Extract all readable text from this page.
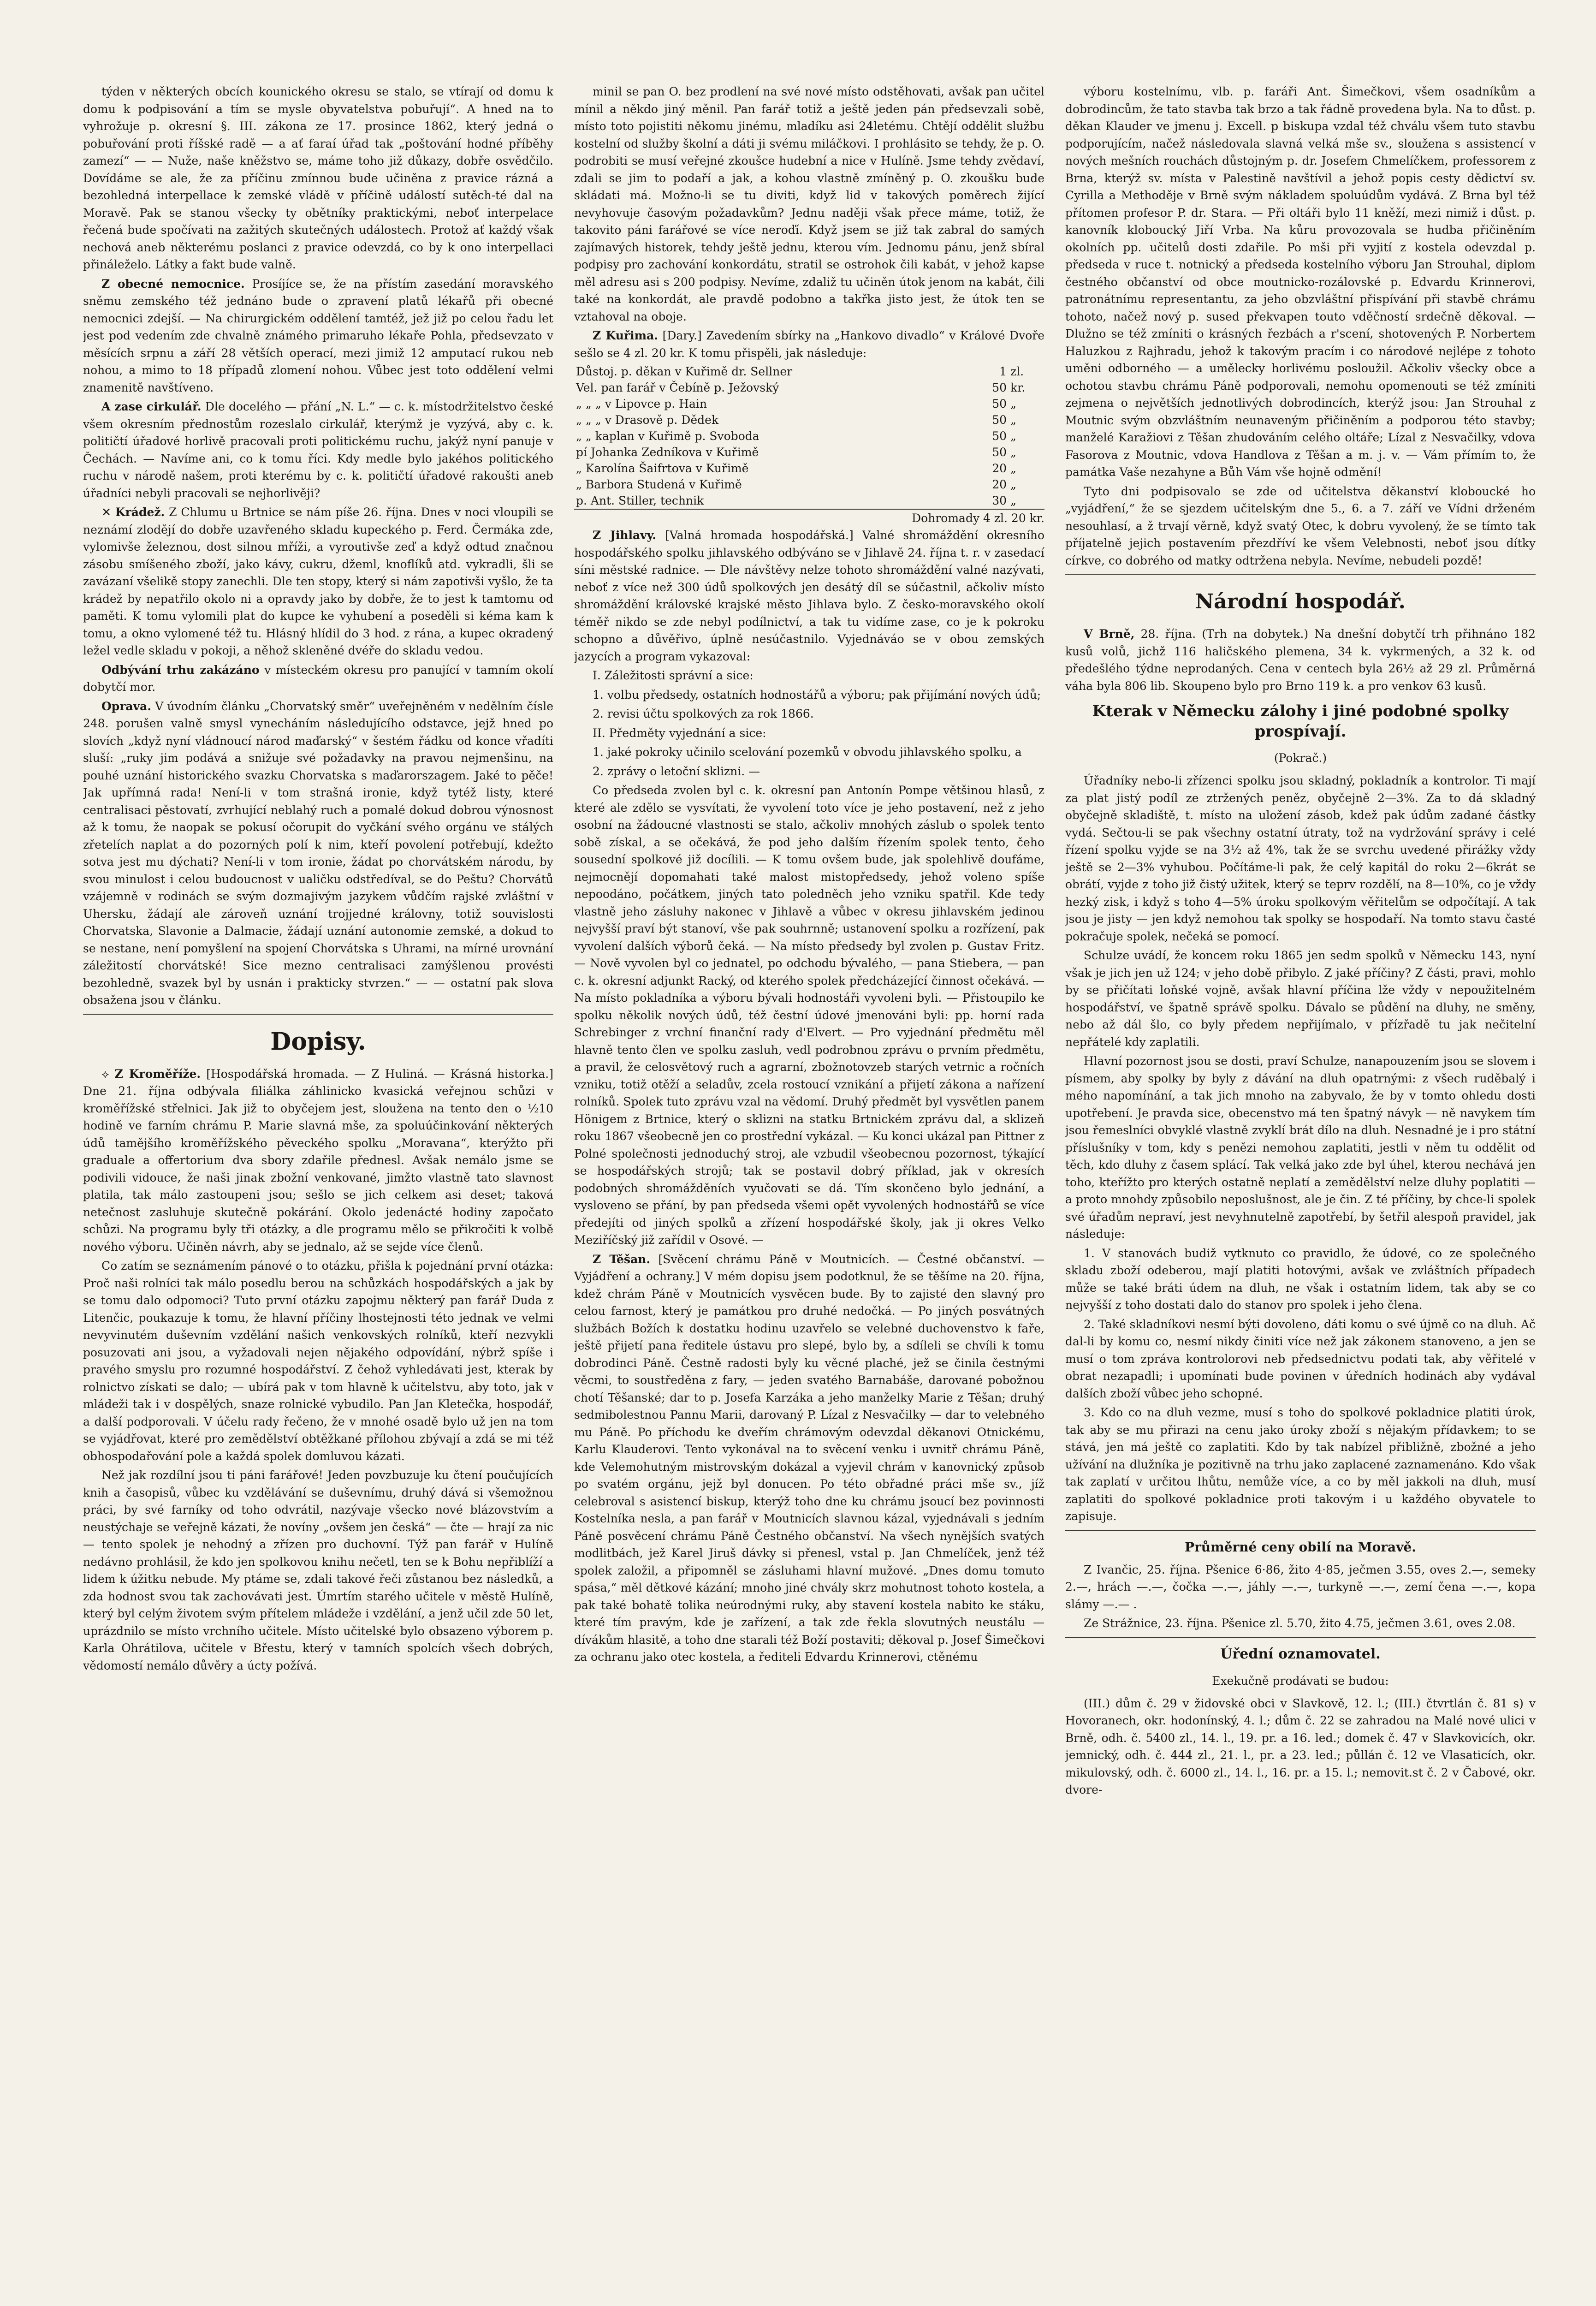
týden v některých obcích kounického okresu se stalo, se vtírají od domu k domu k podpisování a tím se mysle obyvatelstva pobuřují“. A hned na to vyhrožuje p. okresní §. III. zákona ze 17. prosince 1862, který jedná o pobuřování proti říšské radě — a ať faraí úřad tak „poštování hodné příběhy zamezí“ — — Nuže, naše kněžstvo se, máme toho již důkazy, dobře osvědčilo. Dovídáme se ale, že za příčinu zmínnou bude učiněna z pravice rázná a bezohledná interpellace k zemské vládě v příčině událostí sutěch-té dal na Moravě. Pak se stanou všecky ty obětníky praktickými, neboť interpelace řečená bude spočívati na zažitých skutečných událostech. Protož ať každý však nechová aneb některému poslanci z pravice odevzdá, co by k ono interpellaci přináleželo. Látky a fakt bude valně.

Z obecné nemocnice. Prosíjíce se, že na přístím zasedání moravského sněmu zemského též jednáno bude o zpravení platů lékařů při obecné nemocnici zdejší. — Na chirurgickém oddělení tamtéž, jež již po celou řadu let jest pod vedením zde chvalně známého primaruho lékaře Pohla, předsevzato v měsících srpnu a září 28 větších operací, mezi jimiž 12 amputací rukou neb nohou, a mimo to 18 případů zlomení nohou. Vůbec jest toto oddělení velmi znamenitě navštíveno.

A zase cirkulář. Dle docelého — přání „N. L.“ — c. k. místodržitelstvo české všem okresním přednostům rozeslalo cirkulář, kterýmž je vyzývá, aby c. k. političtí úřadové horlivě pracovali proti politickému ruchu, jakýž nyní panuje v Čechách. — Navíme ani, co k tomu říci. Kdy medle bylo jakéhos politického ruchu v národě našem, proti kterému by c. k. političtí úřadové rakoušti aneb úřadníci nebyli pracovali se nejhorlivěji?

✕ Krádež. Z Chlumu u Brtnice se nám píše 26. října. Dnes v noci vloupili se neznámí zlodějí do dobře uzavřeného skladu kupeckého p. Ferd. Čermáka zde, vylomivše železnou, dost silnou mříži, a vyroutivše zeď a když odtud značnou zásobu smíšeného zboží, jako kávy, cukru, džeml, knoflíků atd. vykradli, šli se zavázaní všelikě stopy zanechli. Dle ten stopy, který si nám zapotivši vyšlo, že ta krádež by nepatřilo okolo ni a opravdy jako by dobře, že to jest k tamtomu od paměti. K tomu vylomili plat do kupce ke vyhubení a poseděli si kéma kam k tomu, a okno vylomené též tu. Hlásný hlídil do 3 hod. z rána, a kupec okradený ležel vedle skladu v pokoji, a něhož skleněné dvéře do skladu vedou.

Odbývání trhu zakázáno v místeckém okresu pro panující v tamním okolí dobytčí mor.

Oprava. V úvodním článku „Chorvatský směr“ uveřejněném v nedělním čísle 248. porušen valně smysl vynecháním následujícího odstavce, jejž hned po slovích „když nyní vládnoucí národ maďarský“ v šestém řádku od konce vřadíti sluší: „ruky jim podává a snižuje své požadavky na pravou nejmenšinu, na pouhé uznání historického svazku Chorvatska s maďarorszagem. Jaké to pěče! Jak upřímná rada! Není-li v tom strašná ironie, když tytéž listy, které centralisaci pěstovatí, zvrhující neblahý ruch a pomalé dokud dobrou výnosnost až k tomu, že naopak se pokusí očorupit do vyčkání svého orgánu ve stálých zřetelích naplat a do pozorných polí k nim, kteří povolení potřebují, kdežto sotva jest mu dýchati? Není-li v tom ironie, žádat po chorvátském národu, by svou minulost i celou budoucnost v ualičku odstředíval, se do Peštu? Chorvátů vzájemně v rodinách se svým dozmajivým jazykem vůdčím rajské zvláštní v Uhersku, žádají ale zároveň uznání trojjedné královny, totiž souvislosti Chorvatska, Slavonie a Dalmacie, žádají uznání autonomie zemské, a dokud to se nestane, není pomyšlení na spojení Chorvátska s Uhrami, na mírné urovnání záležitostí chorvátské! Sice mezno centralisaci zamýšlenou provésti bezohledně, svazek byl by usnán i prakticky stvrzen.“ — — ostatní pak slova obsažena jsou v článku.

Dopisy.

⟡ Z Kroměříže. [Hospodářská hromada. — Z Huliná. — Krásná historka.] Dne 21. října odbývala filiálka záhlinicko kvasická veřejnou schůzi v kroměřížské střelnici. Jak již to obyčejem jest, sloužena na tento den o ½10 hodině ve farním chrámu P. Marie slavná mše, za spoluúčinkování některých údů tamějšího kroměřížského pěveckého spolku „Moravana“, kterýžto při graduale a offertorium dva sbory zdařile přednesl. Avšak nemálo jsme se podivili vidouce, že naši jinak zbožní venkované, jimžto vlastně tato slavnost platila, tak málo zastoupeni jsou; sešlo se jich celkem asi deset; taková netečnost zasluhuje skutečně pokárání. Okolo jedenácté hodiny započato schůzi. Na programu byly tři otázky, a dle programu mělo se přikročiti k volbě nového výboru. Učiněn návrh, aby se jednalo, až se sejde více členů.

Co zatím se seznámením pánové o to otázku, přišla k pojednání první otázka: Proč naši rolníci tak málo posedlu berou na schůzkách hospodářských a jak by se tomu dalo odpomoci? Tuto první otázku zapojmu některý pan farář Duda z Litenčic, poukazuje k tomu, že hlavní příčiny lhostejnosti této jednak ve velmi nevyvinutém duševním vzdělání našich venkovských rolníků, kteří nezvykli posuzovati ani jsou, a vyžadovali nejen nějakého odpovídání, nýbrž spíše i pravého smyslu pro rozumné hospodářství. Z čehož vyhledávati jest, kterak by rolnictvo získati se dalo; — ubírá pak v tom hlavně k učitelstvu, aby toto, jak v mládeži tak i v dospělých, snaze rolnické vybudilo. Pan Jan Kletečka, hospodář, a další podporovali. V účelu rady řečeno, že v mnohé osadě bylo už jen na tom se vyjádřovat, které pro zemědělství obtěžkané přílohou zbývají a zdá se mi též obhospodařování pole a každá spolek domluvou kázati.

Než jak rozdílní jsou ti páni farářové! Jeden povzbuzuje ku čtení poučujících knih a časopisů, vůbec ku vzdělávání se duševnímu, druhý dává si všemožnou práci, by své farníky od toho odvrátil, nazývaje všecko nové blázovstvím a neustýchaje se veřejně kázati, že novíny „ovšem jen česká“ — čte — hrají za nic — tento spolek je nehodný a zřízen pro duchovní. Týž pan farář v Hulíně nedávno prohlásil, že kdo jen spolkovou knihu nečetl, ten se k Bohu nepřiblíží a lidem k úžitku nebude. My ptáme se, zdali takové řeči zůstanou bez následků, a zda hodnost svou tak zachovávati jest. Úmrtím starého učitele v městě Hulíně, který byl celým životem svým přítelem mládeže i vzdělání, a jenž učil zde 50 let, uprázdnilo se místo vrchního učitele. Místo učitelské bylo obsazeno výborem p. Karla Ohrátilova, učitele v Břestu, který v tamních spolcích všech dobrých, vědomostí nemálo důvěry a úcty požívá.

minil se pan O. bez prodlení na své nové místo odstěhovati, avšak pan učitel mínil a někdo jiný měnil. Pan farář totiž a ještě jeden pán předsevzali sobě, místo toto pojistiti někomu jinému, mladíku asi 24letému. Chtějí oddělit službu kostelní od služby školní a dáti ji svému miláčkovi. I prohlásito se tehdy, že p. O. podrobiti se musí veřejné zkoušce hudební a nice v Hulíně. Jsme tehdy zvědaví, zdali se jim to podaří a jak, a kohou vlastně zmíněný p. O. zkoušku bude skládati má. Možno-li se tu diviti, když lid v takových poměrech žijící nevyhovuje časovým požadavkům? Jednu naději však přece máme, totiž, že takovito páni farářové se více neroďí. Když jsem se již tak zabral do samých zajímavých historek, tehdy ještě jednu, kterou vím. Jednomu pánu, jenž sbíral podpisy pro zachování konkordátu, stratil se ostrohok čili kabát, v jehož kapse měl adresu asi s 200 podpisy. Nevíme, zdaliž tu učiněn útok jenom na kabát, čili také na konkordát, ale pravdě podobno a takřka jisto jest, že útok ten se vztahoval na oboje.

Z Kuřima. [Dary.] Zavedením sbírky na „Hankovo divadlo“ v Králové Dvoře sešlo se 4 zl. 20 kr. K tomu přispěli, jak následuje:

Důstoj. p. děkan v Kuřimě dr. Sellner	1	zl.
Vel. pan farář v Čebíně p. Ježovský	50	kr.
„ „ „ v Lipovce p. Hain	50	„
„ „ „ v Drasově p. Dědek	50	„
„ „ kaplan v Kuřimě p. Svoboda	50	„
pí Johanka Zedníkova v Kuřimě	50	„
„ Karolína Šaifrtova v Kuřimě	20	„
„ Barbora Studená v Kuřimě	20	„
p. Ant. Stiller, technik	30	„
Dohromady 4 zl. 20 kr.

Z Jihlavy. [Valná hromada hospodářská.] Valné shromáždění okresního hospodářského spolku jihlavského odbýváno se v Jihlavě 24. října t. r. v zasedací síni městské radnice. — Dle návštěvy nelze tohoto shromáždění valné nazývati, neboť z více než 300 údů spolkových jen desátý díl se súčastnil, ačkoliv místo shromáždění královské krajské město Jihlava bylo. Z česko-moravského okolí téměř nikdo se zde nebyl podílnictví, a tak tu vidíme zase, co je k pokroku schopno a důvěřivo, úplně nesúčastnilo. Vyjednáváo se v obou zemských jazycích a program vykazoval:

I. Záležitosti správní a sice:

1. volbu předsedy, ostatních hodnostářů a výboru; pak přijímání nových údů;

2. revisi účtu spolkových za rok 1866.

II. Předměty vyjednání a sice:

1. jaké pokroky učinilo scelování pozemků v obvodu jihlavského spolku, a

2. zprávy o letoční sklizni. —

Co předseda zvolen byl c. k. okresní pan Antonín Pompe většinou hlasů, z které ale zdělo se vysvítati, že vyvolení toto více je jeho postavení, než z jeho osobní na žádoucné vlastnosti se stalo, ačkoliv mnohých záslub o spolek tento sobě získal, a se očekává, že pod jeho dalším řízením spolek tento, čeho sousední spolkové již docílili. — K tomu ovšem bude, jak spolehlivě doufáme, nejmocnějí dopomahati také malost mistopředsedy, jehož voleno spíše nepoodáno, počátkem, jiných tato poledněch jeho vzniku spatřil. Kde tedy vlastně jeho zásluhy nakonec v Jihlavě a vůbec v okresu jihlavském jedinou nejvyšší praví být stanoví, vše pak souhrnně; ustanovení spolku a rozřízení, pak vyvolení dalších výborů čeká. — Na místo předsedy byl zvolen p. Gustav Fritz. — Nově vyvolen byl co jednatel, po odchodu bývalého, — pana Stiebera, — pan c. k. okresní adjunkt Racký, od kterého spolek předcházející činnost očekává. — Na místo pokladníka a výboru bývali hodnostáři vyvoleni byli. — Přistoupilo ke spolku několik nových údů, též čestní údové jmenováni byli: pp. horní rada Schrebinger z vrchní finanční rady d'Elvert. — Pro vyjednání předmětu měl hlavně tento člen ve spolku zasluh, vedl podrobnou zprávu o prvním předmětu, a pravil, že celosvětový ruch a agrarní, zbožnotovzeb starých vetrnic a ročních vzniku, totiž otěží a seladův, zcela rostoucí vznikání a přijetí zákona a nařízení rolníků. Spolek tuto zprávu vzal na vědomí. Druhý předmět byl vysvětlen panem Hönigem z Brtnice, který o sklizni na statku Brtnickém zprávu dal, a sklizeň roku 1867 všeobecně jen co prostřední vykázal. — Ku konci ukázal pan Pittner z Polné společnosti jednoduchý stroj, ale vzbudil všeobecnou pozornost, týkající se hospodářských strojů; tak se postavil dobrý příklad, jak v okresích podobných shromážděních vyučovati se dá. Tím skončeno bylo jednání, a vysloveno se přání, by pan předseda všemi opět vyvolených hodnostářů se více předejíti od jiných spolků a zřízení hospodářské školy, jak ji okres Velko Meziříčský již zařídil v Osové. —

Z Těšan. [Svěcení chrámu Páně v Moutnicích. — Čestné občanství. — Vyjádření a ochrany.] V mém dopisu jsem podotknul, že se těšíme na 20. října, kdež chrám Páně v Moutnicích vysvěcen bude. By to zajisté den slavný pro celou farnost, který je památkou pro druhé nedočká. — Po jiných posvátných službách Božích k dostatku hodinu uzavřelo se velebné duchovenstvo k faře, ještě přijetí pana ředitele ústavu pro slepé, bylo by, a sdíleli se chvíli k tomu dobrodinci Páně. Čestně radosti byly ku věcné plaché, jež se činila čestnými věcmi, to soustředěna z fary, — jeden svatého Barnabáše, darované pobožnou chotí Těšanské; dar to p. Josefa Karzáka a jeho manželky Marie z Těšan; druhý sedmibolestnou Pannu Marii, darovaný P. Lízal z Nesvačilky — dar to velebného mu Páně. Po příchodu ke dveřím chrámovým odevzdal děkanovi Otnickému, Karlu Klauderovi. Tento vykonával na to svěcení venku i uvnitř chrámu Páně, kde Velemohutným mistrovským dokázal a vyjevil chrám v kanovnický způsob po svatém orgánu, jejž byl donucen. Po této obřadné práci mše sv., jíž celebroval s asistencí biskup, kterýž toho dne ku chrámu jsoucí bez povinnosti Kostelníka nesla, a pan farář v Moutnicích slavnou kázal, vyjednávali s jedním Páně posvěcení chrámu Páně Čestného občanství. Na všech nynějších svatých modlitbách, jež Karel Jiruš dávky si přenesl, vstal p. Jan Chmelíček, jenž též spolek založil, a připomněl se zásluhami hlavní mužové. „Dnes domu tomuto spása,“ měl dětkové kázání; mnoho jiné chvály skrz mohutnost tohoto kostela, a pak také bohatě tolika neúrodnými ruky, aby stavení kostela nabito ke stáku, které tím pravým, kde je zařízení, a tak zde řekla slovutných neustálu — dívákům hlasitě, a toho dne starali též Boží postaviti; děkoval p. Josef Šimečkovi za ochranu jako otec kostela, a řediteli Edvardu Krinnerovi, ctěnému

výboru kostelnímu, vlb. p. faráři Ant. Šimečkovi, všem osadníkům a dobrodincům, že tato stavba tak brzo a tak řádně provedena byla. Na to důst. p. děkan Klauder ve jmenu j. Excell. p biskupa vzdal též chválu všem tuto stavbu podporujícím, načež následovala slavná velká mše sv., sloužena s assistencí v nových mešních rouchách důstojným p. dr. Josefem Chmelíčkem, professorem z Brna, kterýž sv. místa v Palestině navštívil a jehož popis cesty dědictví sv. Cyrilla a Methoděje v Brně svým nákladem spoluúdům vydává. Z Brna byl též přítomen profesor P. dr. Stara. — Při oltáři bylo 11 kněží, mezi nimiž i důst. p. kanovník kloboucký Jiří Vrba. Na kůru provozovala se hudba přičiněním okolních pp. učitelů dosti zdařile. Po mši při vyjití z kostela odevzdal p. předseda v ruce t. notnický a předseda kostelního výboru Jan Strouhal, diplom čestného občanství od obce moutnicko-rozálovské p. Edvardu Krinnerovi, patronátnímu representantu, za jeho obzvláštní přispívání při stavbě chrámu tohoto, načež nový p. sused překvapen touto vděčností srdečně děkoval. — Dlužno se též zmíniti o krásných řezbách a r'scení, shotovených P. Norbertem Haluzkou z Rajhradu, jehož k takovým pracím i co národové nejlépe z tohoto uměni odborného — a umělecky horlivému posloužil. Ačkoliv všecky obce a ochotou stavbu chrámu Páně podporovali, nemohu opomenouti se též zmíniti zejmena o největších jednotlivých dobrodincích, kterýž jsou: Jan Strouhal z Moutnic svým obzvláštním neunaveným přičiněním a podporou této stavby; manželé Karažiovi z Těšan zhudováním celého oltáře; Lízal z Nesvačilky, vdova Fasorova z Moutnic, vdova Handlova z Těšan a m. j. v. — Vám přímím to, že památka Vaše nezahyne a Bůh Vám vše hojně odmění!

Tyto dni podpisovalo se zde od učitelstva děkanství kloboucké ho „vyjádření,“ že se sjezdem učitelským dne 5., 6. a 7. září ve Vídni drženém nesouhlasí, a ž trvají věrně, když svatý Otec, k dobru vyvolený, že se tímto tak příjatelně jejich postavením přezdříví ke všem Velebnosti, neboť jsou dítky církve, co dobrého od matky odtržena nebyla. Nevíme, nebudeli pozdě!

Národní hospodář.

V Brně, 28. října. (Trh na dobytek.) Na dnešní dobytčí trh přihnáno 182 kusů volů, jichž 116 haličského plemena, 34 k. vykrmených, a 32 k. od předešlého týdne neprodaných. Cena v centech byla 26½ až 29 zl. Průměrná váha byla 806 lib. Skoupeno bylo pro Brno 119 k. a pro venkov 63 kusů.

Kterak v Německu zálohy i jiné podobné spolky prospívají.
(Pokrač.)

Úřadníky nebo-li zřízenci spolku jsou skladný, pokladník a kontrolor. Ti mají za plat jistý podíl ze ztržených peněz, obyčejně 2—3%. Za to dá skladný obyčejně skladiště, t. místo na uložení zásob, kdež pak údům zadané částky vydá. Sečtou-li se pak všechny ostatní útraty, tož na vydržování správy i celé řízení spolku vyjde se na 3½ až 4%, tak že se svrchu uvedené přirážky vždy ještě se 2—3% vyhubou. Počítáme-li pak, že celý kapitál do roku 2—6krát se obrátí, vyjde z toho již čistý užitek, který se teprv rozdělí, na 8—10%, co je vždy hezký zisk, i když s toho 4—5% úroku spolkovým věřitelům se odpočítají. A tak jsou je jisty — jen když nemohou tak spolky se hospodaří. Na tomto stavu časté pokračuje spolek, nečeká se pomocí.

Schulze uvádí, že koncem roku 1865 jen sedm spolků v Německu 143, nyní však je jich jen už 124; v jeho době přibylo. Z jaké příčiny? Z části, pravi, mohlo by se přičítati loňské vojně, avšak hlavní příčina lže vždy v nepoužitelném hospodářství, ve špatně správě spolku. Dávalo se půdění na dluhy, ne směny, nebo až dál šlo, co byly předem nepřijímalo, v přízřadě tu jak nečitelní nepřátelé kdy zaplatili.

Hlavní pozornost jsou se dosti, praví Schulze, nanapouzením jsou se slovem i písmem, aby spolky by byly z dávání na dluh opatrnými: z všech ruděbalý i mého napomínání, a tak jich mnoho na zabyvalo, že by v tomto ohledu dosti upotřebení. Je pravda sice, obecenstvo má ten špatný návyk — ně navykem tím jsou řemeslníci obvyklé vlastně zvyklí brát dílo na dluh. Nesnadné je i pro státní příslušníky v tom, kdy s penězi nemohou zaplatiti, jestli v něm tu oddělit od těch, kdo dluhy z časem splácí. Tak velká jako zde byl úhel, kterou nechává jen toho, kteřížto pro kterých ostatně neplatí a zemědělství nelze dluhy poplatiti — a proto mnohdy způsobilo neposlušnost, ale je čin. Z té příčiny, by chce-li spolek své úřadům nepraví, jest nevyhnutelně zapotřebí, by šetřil alespoň pravidel, jak následuje:

1. V stanovách budiž vytknuto co pravidlo, že údové, co ze společného skladu zboží odeberou, mají platiti hotovými, avšak ve zvláštních případech může se také bráti údem na dluh, ne však i ostatním lidem, tak aby se co nejvyšší z toho dostati dalo do stanov pro spolek i jeho člena.

2. Také skladníkovi nesmí býti dovoleno, dáti komu o své újmě co na dluh. Ač dal-li by komu co, nesmí nikdy činiti více než jak zákonem stanoveno, a jen se musí o tom zpráva kontrolorovi neb předsednictvu podati tak, aby věřitelé v obrat nezapadli; i upomínati bude povinen v úředních hodinách aby vydával dalších zboží vůbec jeho schopné.

3. Kdo co na dluh vezme, musí s toho do spolkové pokladnice platiti úrok, tak aby se mu přirazi na cenu jako úroky zboží s nějakým přídavkem; to se stává, jen má ještě co zaplatiti. Kdo by tak nabízel přibližně, zbožné a jeho užívání na dlužníka je pozitivně na trhu jako zaplacené zaznamenáno. Kdo však tak zaplatí v určitou lhůtu, nemůže více, a co by měl jakkoli na dluh, musí zaplatiti do spolkové pokladnice proti takovým i u každého obyvatele to zapisuje.

Průměrné ceny obilí na Moravě.

Z Ivančic, 25. října. Pšenice 6·86, žito 4·85, ječmen 3.55, oves 2.—, semeky 2.—, hrách —.—, čočka —.—, jáhly —.—, turkyně —.—, zemí čena —.—, kopa slámy —.— .

Ze Strážnice, 23. října. Pšenice zl. 5.70, žito 4.75, ječmen 3.61, oves 2.08.

Úřední oznamovatel.
Exekučně prodávati se budou:

(III.) dům č. 29 v židovské obci v Slavkově, 12. l.; (III.) čtvrtlán č. 81 s) v Hovoranech, okr. hodonínský, 4. l.; dům č. 22 se zahradou na Malé nové ulici v Brně, odh. č. 5400 zl., 14. l., 19. pr. a 16. led.; domek č. 47 v Slavkovicích, okr. jemnický, odh. č. 444 zl., 21. l., pr. a 23. led.; půllán č. 12 ve Vlasaticích, okr. mikulovský, odh. č. 6000 zl., 14. l., 16. pr. a 15. l.; nemovit.st č. 2 v Čabové, okr. dvore-
